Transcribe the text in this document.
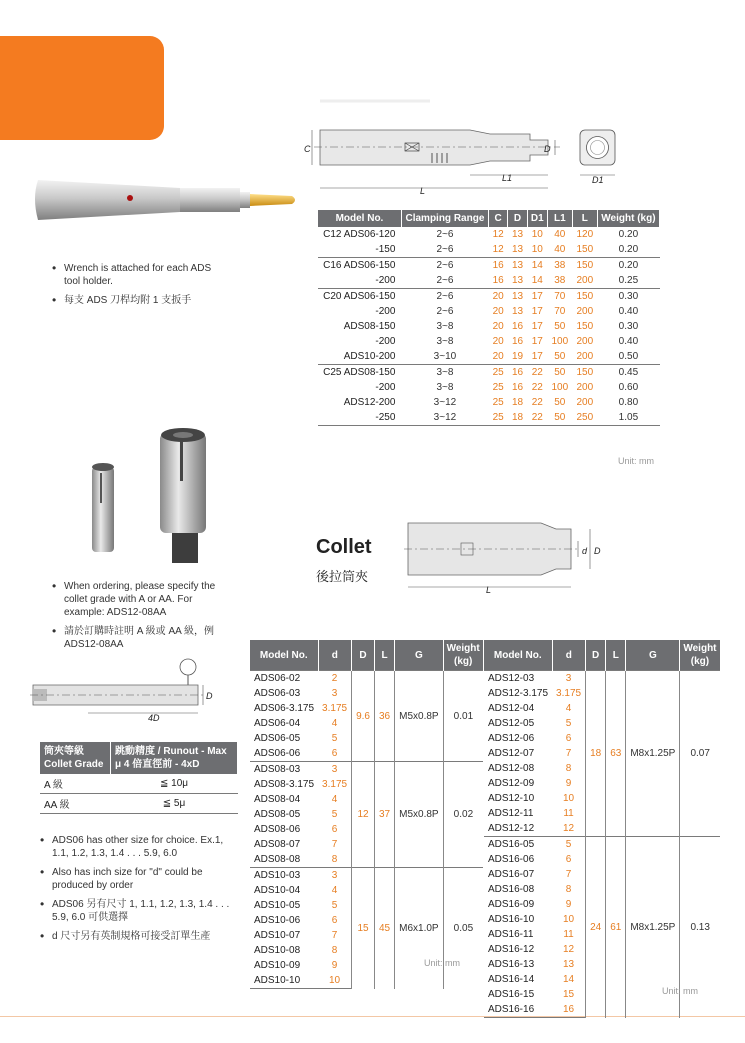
• Wrench is attached for each ADS tool holder.
• 每支 ADS 刀桿均附 1 支扳手
C	D
L1
L
D1
Model No.	Clamping Range	C	D	D1	L1	L	Weight (kg)
C12 ADS06-120	2~6	12	13	10	40	120	0.20
-150	2~6	12	13	10	40	150	0.20
C16 ADS06-150	2~6	16	13	14	38	150	0.20
-200	2~6	16	13	14	38	200	0.25
C20 ADS06-150	2~6	20	13	17	70	150	0.30
-200	2~6	20	13	17	70	200	0.40
ADS08-150	3~8	20	16	17	50	150	0.30
-200	3~8	20	16	17	100	200	0.40
ADS10-200	3~10	20	19	17	50	200	0.50
C25 ADS08-150	3~8	25	16	22	50	150	0.45
-200	3~8	25	16	22	100	200	0.60
ADS12-200	3~12	25	18	22	50	200	0.80
-250	3~12	25	18	22	50	250	1.05
Unit: mm
Collet
後拉筒夾
d D
L
• When ordering, please specify the collet grade with A or AA. For example: ADS12-08AA
• 請於訂購時註明 A 級或 AA 級，例 ADS12-08AA
D
4D
筒夾等級 Collet Grade	跳動精度 / Runout - Max μ 4 倍直徑前 - 4xD
A 級	≦ 10μ
AA 級	≦ 5μ
• ADS06 has other size for choice. Ex.1, 1.1, 1.2, 1.3, 1.4 . . . 5.9, 6.0
• Also has inch size for "d" could be produced by order
• ADS06 另有尺寸 1, 1.1, 1.2, 1.3, 1.4 . . . 5.9, 6.0 可供選擇
• d 尺寸另有英制規格可接受訂單生產
Model No.	d	D	L	G	Weight (kg)
ADS06-02	2	9.6	36	M5x0.8P	0.01
ADS06-03	3				
ADS06-3.175	3.175				
ADS06-04	4				
ADS06-05	5				
ADS06-06	6				
ADS08-03	3	12	37	M5x0.8P	0.02
ADS08-3.175	3.175				
ADS08-04	4				
ADS08-05	5				
ADS08-06	6				
ADS08-07	7				
ADS08-08	8				
ADS10-03	3	15	45	M6x1.0P	0.05
ADS10-04	4				
ADS10-05	5				
ADS10-06	6				
ADS10-07	7				
ADS10-08	8				
ADS10-09	9				
ADS10-10	10				
Unit: mm
Model No.	d	D	L	G	Weight (kg)
ADS12-03	3	18	63	M8x1.25P	0.07
ADS12-3.175	3.175				
ADS12-04	4				
ADS12-05	5				
ADS12-06	6				
ADS12-07	7				
ADS12-08	8				
ADS12-09	9				
ADS12-10	10				
ADS12-11	11				
ADS12-12	12				
ADS16-05	5	24	61	M8x1.25P	0.13
ADS16-06	6				
ADS16-07	7				
ADS16-08	8				
ADS16-09	9				
ADS16-10	10				
ADS16-11	11				
ADS16-12	12				
ADS16-13	13				
ADS16-14	14				
ADS16-15	15				
ADS16-16	16				
Unit: mm
